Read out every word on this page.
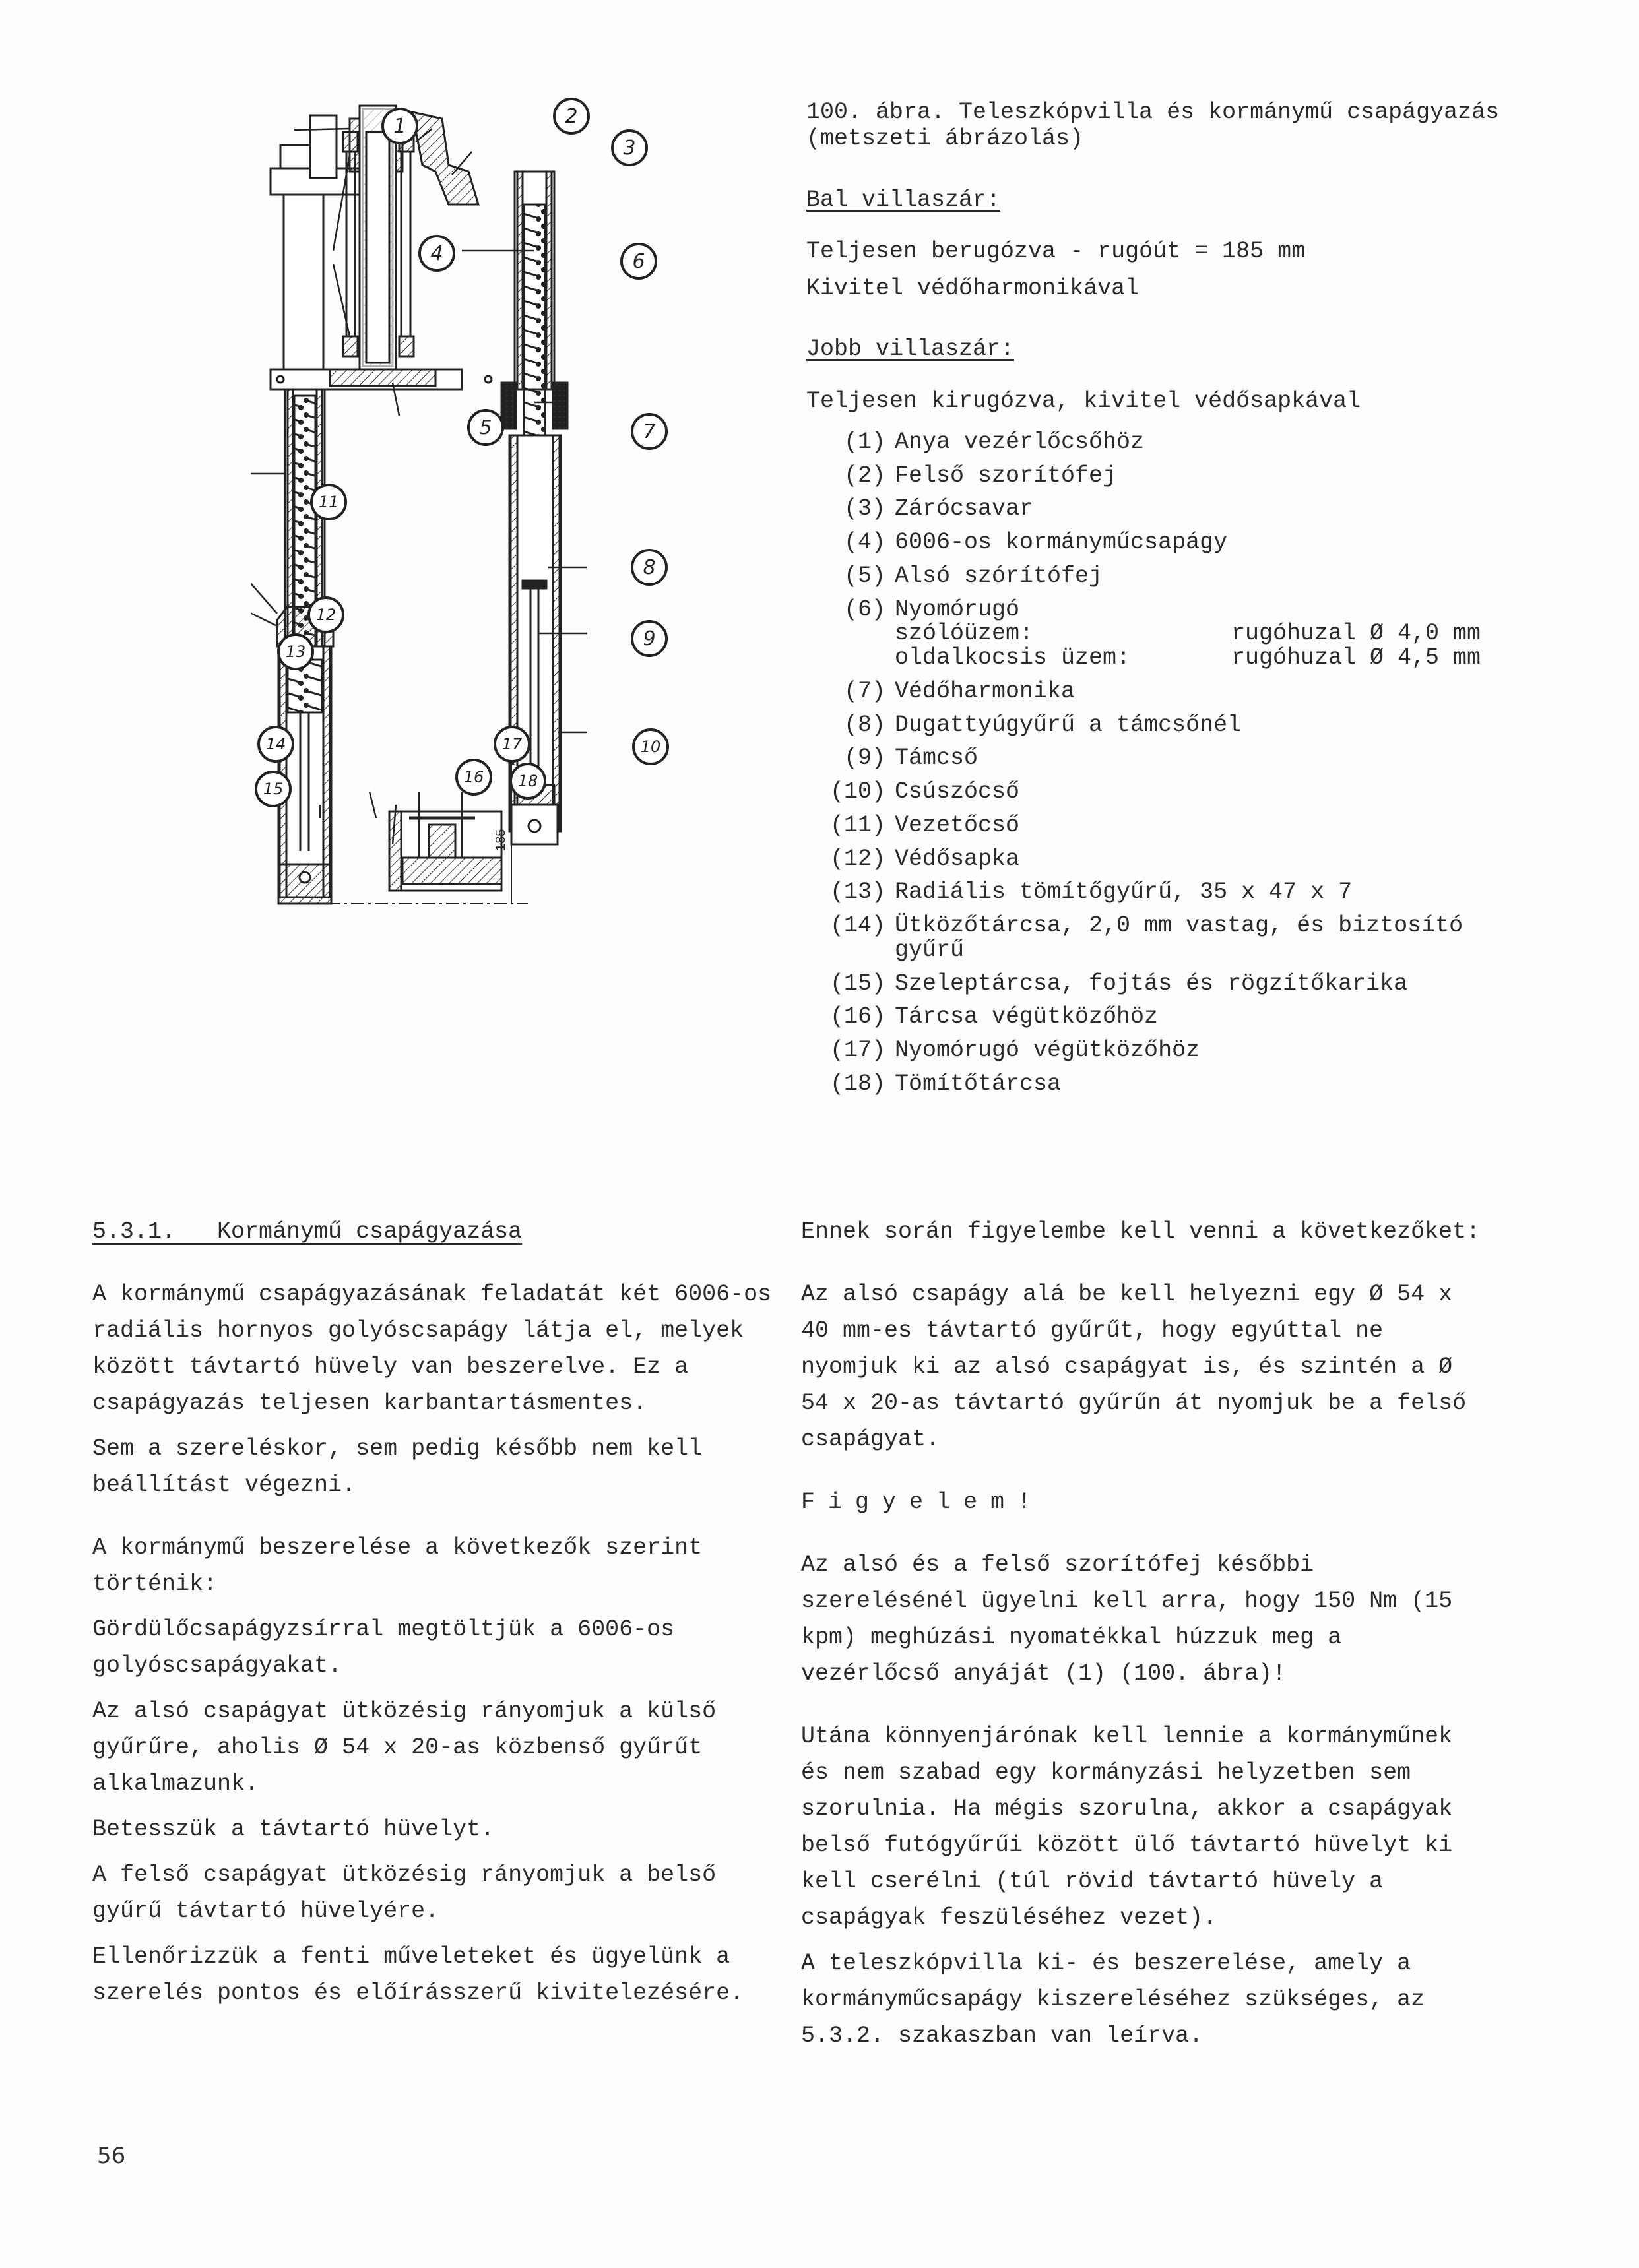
185
1	2
3
4	6
5	7
11
8
12
9
13
14	17	10
16 18
15

100. ábra. Teleszkópvilla és kormánymű csapágyazás (metszeti ábrázolás)

Bal villaszár:

Teljesen berugózva - rugóút = 185 mm

Kivitel védőharmonikával

Jobb villaszár:

Teljesen kirugózva, kivitel védősapkával

(1) Anya vezérlőcsőhöz
(2) Felső szorítófej
(3) Zárócsavar
(4) 6006-os kormányműcsapágy
(5) Alsó szórítófej
(6) Nyomórugó
szólóüzem:	rugóhuzal Ø 4,0 mm
oldalkocsis üzem:	rugóhuzal Ø 4,5 mm
(7) Védőharmonika
(8) Dugattyúgyűrű a támcsőnél
(9) Támcső
(10) Csúszócső
(11) Vezetőcső
(12) Védősapka
(13) Radiális tömítőgyűrű, 35 x 47 x 7
(14) Ütközőtárcsa, 2,0 mm vastag, és biztosító gyűrű
(15) Szeleptárcsa, fojtás és rögzítőkarika
(16) Tárcsa végütközőhöz
(17) Nyomórugó végütközőhöz
(18) Tömítőtárcsa

5.3.1.   Kormánymű csapágyazása

A kormánymű csapágyazásának feladatát két 6006-os radiális hornyos golyóscsapágy látja el, melyek között távtartó hüvely van beszerelve. Ez a csapágyazás teljesen karbantartásmentes.

Sem a szereléskor, sem pedig később nem kell beállítást végezni.

A kormánymű beszerelése a következők szerint történik:

Gördülőcsapágyzsírral megtöltjük a 6006-os golyóscsapágyakat.

Az alsó csapágyat ütközésig rányomjuk a külső gyűrűre, aholis Ø 54 x 20-as közbenső gyűrűt alkalmazunk.

Betesszük a távtartó hüvelyt.

A felső csapágyat ütközésig rányomjuk a belső gyűrű távtartó hüvelyére.

Ellenőrizzük a fenti műveleteket és ügyelünk a szerelés pontos és előírásszerű kivitelezésére.

Ennek során figyelembe kell venni a következőket:

Az alsó csapágy alá be kell helyezni egy Ø 54 x 40 mm-es távtartó gyűrűt, hogy egyúttal ne nyomjuk ki az alsó csapágyat is, és szintén a Ø 54 x 20-as távtartó gyűrűn át nyomjuk be a felső csapágyat.

Figyelem!

Az alsó és a felső szorítófej későbbi szerelésénél ügyelni kell arra, hogy 150 Nm (15 kpm) meghúzási nyomatékkal húzzuk meg a vezérlőcső anyáját (1) (100. ábra)!

Utána könnyenjárónak kell lennie a kormányműnek és nem szabad egy kormányzási helyzetben sem szorulnia. Ha mégis szorulna, akkor a csapágyak belső futógyűrűi között ülő távtartó hüvelyt ki kell cserélni (túl rövid távtartó hüvely a csapágyak feszüléséhez vezet).

A teleszkópvilla ki- és beszerelése, amely a kormányműcsapágy kiszereléséhez szükséges, az 5.3.2. szakaszban van leírva.

56
